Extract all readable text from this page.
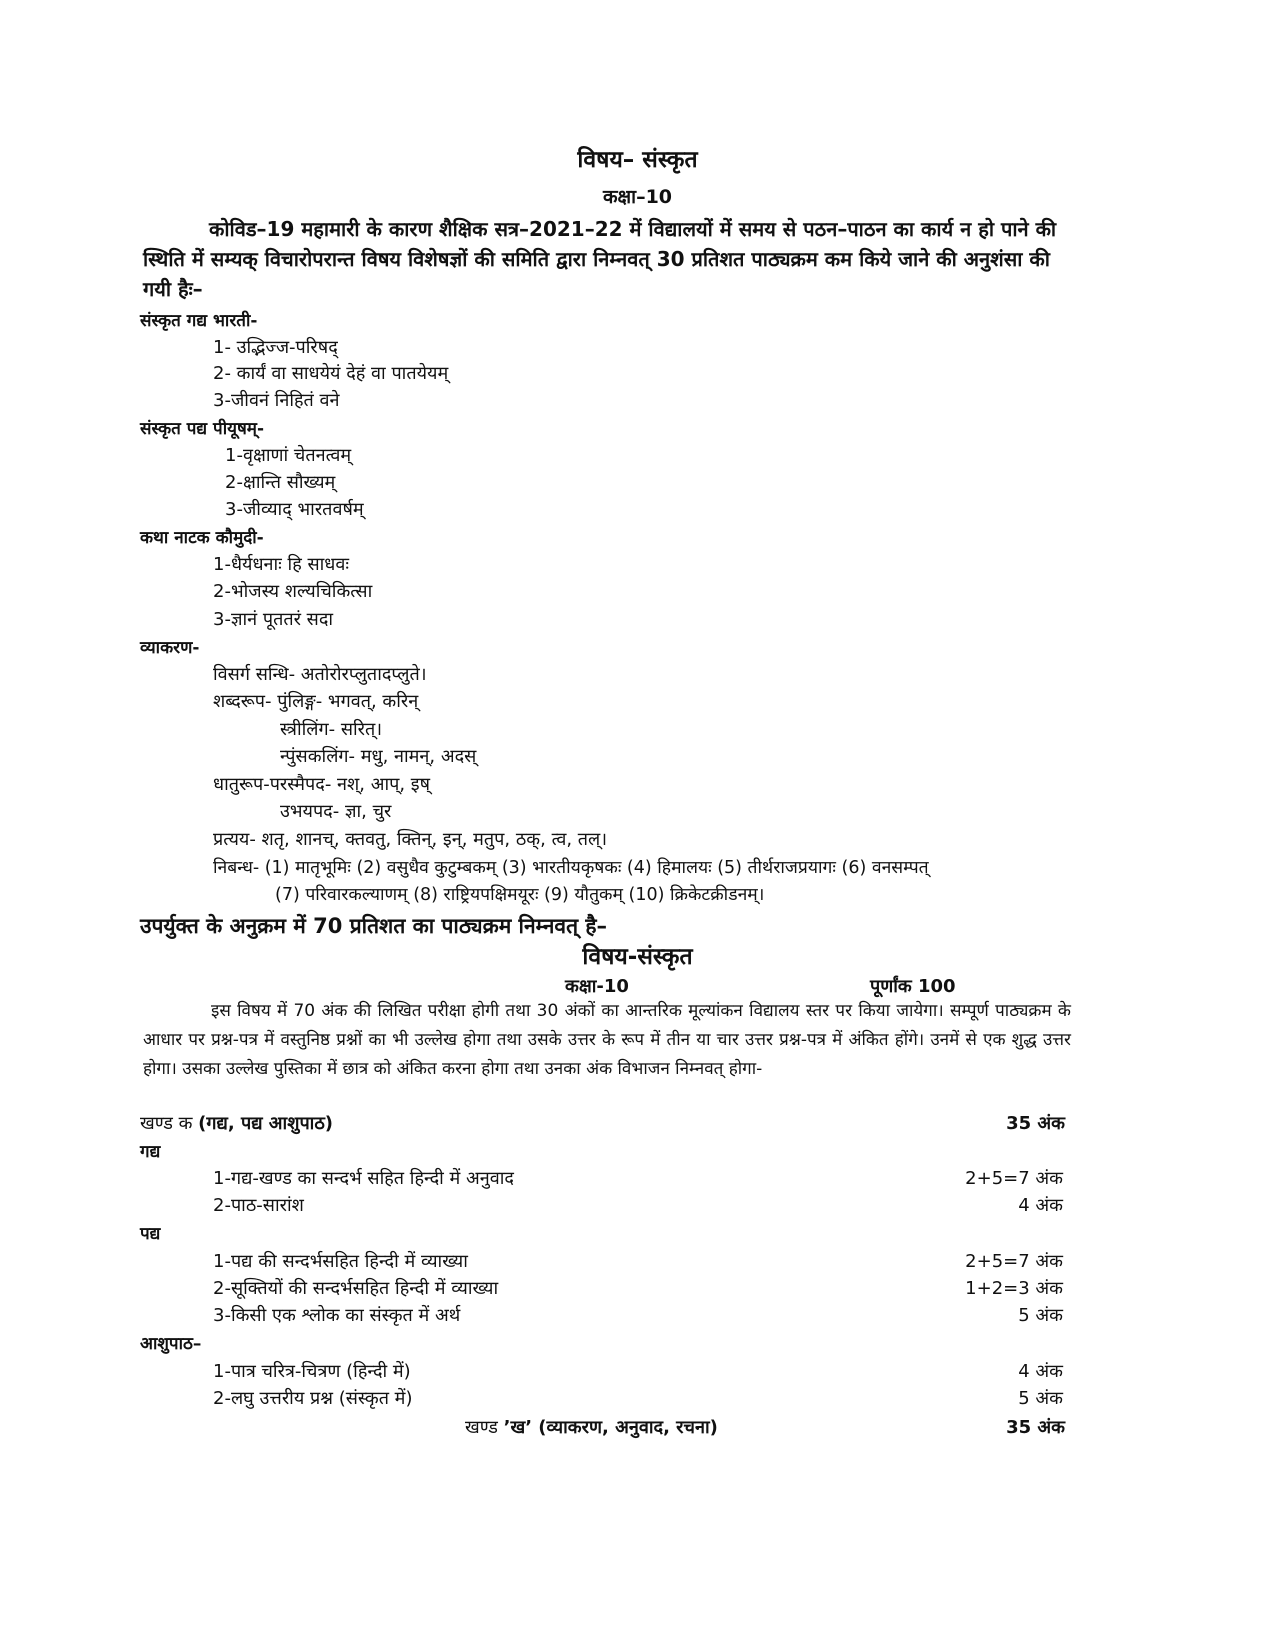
विषय– संस्कृत
कक्षा–10
कोविड–19 महामारी के कारण शैक्षिक सत्र–2021–22 में विद्यालयों में समय से पठन–पाठन का कार्य न हो पाने की स्थिति में सम्यक् विचारोपरान्त विषय विशेषज्ञों की समिति द्वारा निम्नवत् 30 प्रतिशत पाठ्यक्रम कम किये जाने की अनुशंसा की गयी हैः–
संस्कृत गद्य भारती-
1- उद्भिज्ज-परिषद्
2- कार्यं वा साधयेयं देहं वा पातयेयम्
3-जीवनं निहितं वने
संस्कृत पद्य पीयूषम्-
1-वृक्षाणां चेतनत्वम्
2-क्षान्ति सौख्यम्
3-जीव्याद् भारतवर्षम्
कथा नाटक कौमुदी-
1-धैर्यधनाः हि साधवः
2-भोजस्य शल्यचिकित्सा
3-ज्ञानं पूततरं सदा
व्याकरण-
विसर्ग सन्धि- अतोरोरप्लुतादप्लुते।
शब्दरूप- पुंलिङ्ग- भगवत्, करिन्
स्त्रीलिंग- सरित्।
न्पुंसकलिंग- मधु, नामन्, अदस्
धातुरूप-परस्मैपद- नश्, आप्, इष्
उभयपद- ज्ञा, चुर
प्रत्यय- शतृ, शानच्, क्तवतु, क्तिन्, इन्, मतुप, ठक्, त्व, तल्।
निबन्ध- (1) मातृभूमिः (2) वसुधैव कुटुम्बकम् (3) भारतीयकृषकः (4) हिमालयः (5) तीर्थराजप्रयागः (6) वनसम्पत्
(7) परिवारकल्याणम् (8) राष्ट्रियपक्षिमयूरः (9) यौतुकम् (10) क्रिकेटक्रीडनम्।
उपर्युक्त के अनुक्रम में 70 प्रतिशत का पाठ्यक्रम निम्नवत् है–
विषय-संस्कृत
कक्षा-10	पूर्णांक 100
इस विषय में 70 अंक की लिखित परीक्षा होगी तथा 30 अंकों का आन्तरिक मूल्यांकन विद्यालय स्तर पर किया जायेगा। सम्पूर्ण पाठ्यक्रम के आधार पर प्रश्न-पत्र में वस्तुनिष्ठ प्रश्नों का भी उल्लेख होगा तथा उसके उत्तर के रूप में तीन या चार उत्तर प्रश्न-पत्र में अंकित होंगे। उनमें से एक शुद्ध उत्तर होगा। उसका उल्लेख पुस्तिका में छात्र को अंकित करना होगा तथा उनका अंक विभाजन निम्नवत् होगा-
खण्ड क (गद्य, पद्य आशुपाठ)	35 अंक
गद्य
1-गद्य-खण्ड का सन्दर्भ सहित हिन्दी में अनुवाद	2+5=7 अंक
2-पाठ-सारांश	4 अंक
पद्य
1-पद्य की सन्दर्भसहित हिन्दी में व्याख्या	2+5=7 अंक
2-सूक्तियों की सन्दर्भसहित हिन्दी में व्याख्या	1+2=3 अंक
3-किसी एक श्लोक का संस्कृत में अर्थ	5 अंक
आशुपाठ–
1-पात्र चरित्र-चित्रण (हिन्दी में)	4 अंक
2-लघु उत्तरीय प्रश्न (संस्कृत में)	5 अंक
खण्ड ’ख’ (व्याकरण, अनुवाद, रचना)	35 अंक
